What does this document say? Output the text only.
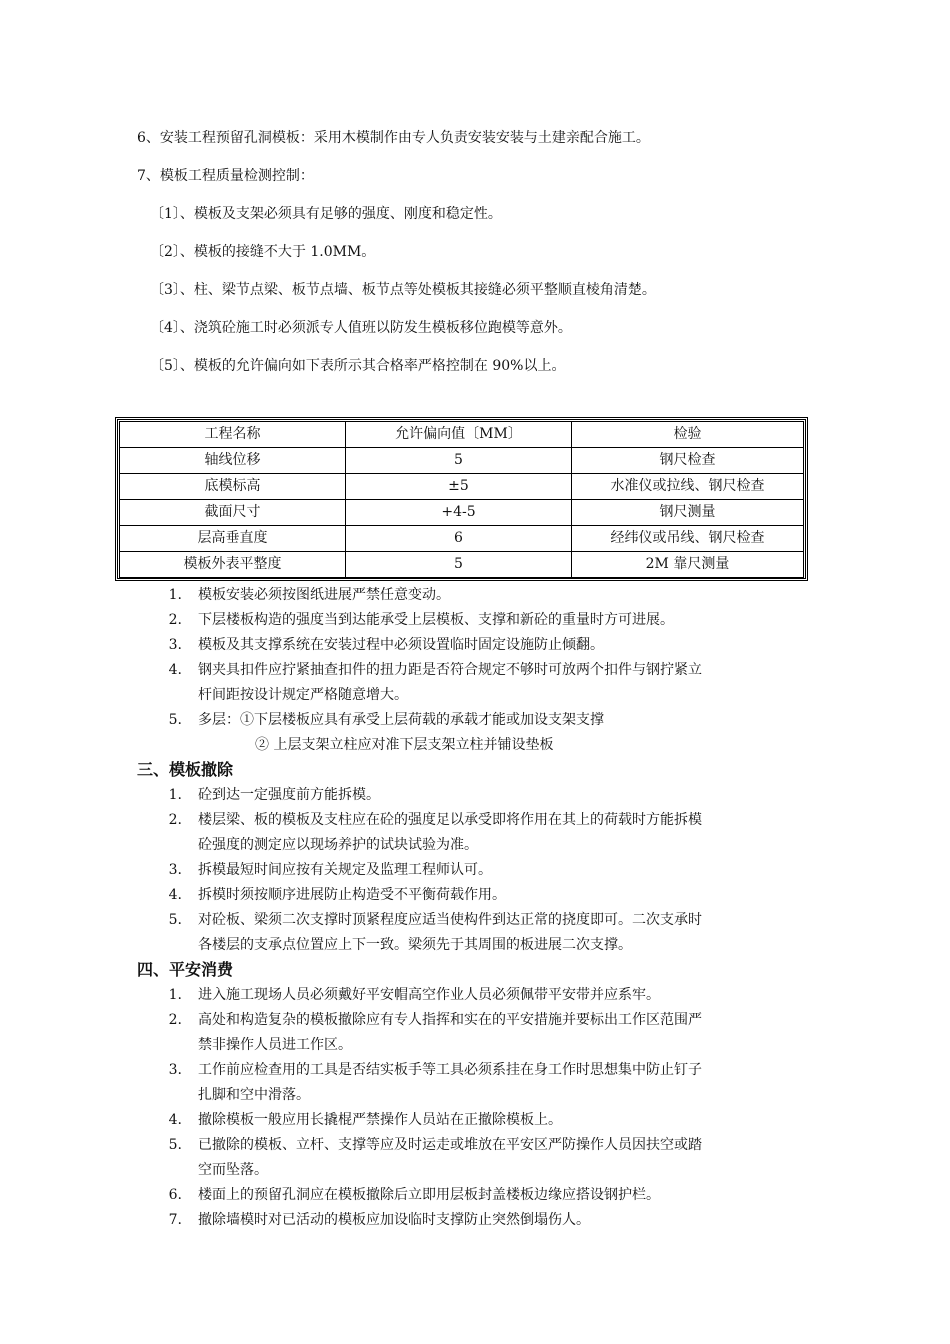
6、安装工程预留孔洞模板：采用木模制作由专人负责安装安装与土建亲配合施工。
7、模板工程质量检测控制：
〔1〕、模板及支架必须具有足够的强度、刚度和稳定性。
〔2〕、模板的接缝不大于 1.0MM。
〔3〕、柱、梁节点梁、板节点墙、板节点等处模板其接缝必须平整顺直棱角清楚。
〔4〕、浇筑砼施工时必须派专人值班以防发生模板移位跑模等意外。
〔5〕、模板的允许偏向如下表所示其合格率严格控制在 90%以上。
工程名称	允许偏向值〔MM〕	检验
轴线位移	5	钢尺检查
底模标高	±5	水准仪或拉线、钢尺检查
截面尺寸	+4-5	钢尺测量
层高垂直度	6	经纬仪或吊线、钢尺检查
模板外表平整度	5	2M 靠尺测量
1. 模板安装必须按图纸进展严禁任意变动。
2. 下层楼板构造的强度当到达能承受上层模板、支撑和新砼的重量时方可进展。
3. 模板及其支撑系统在安装过程中必须设置临时固定设施防止倾翻。
4. 钢夹具扣件应拧紧抽查扣件的扭力距是否符合规定不够时可放两个扣件与钢拧紧立
杆间距按设计规定严格随意增大。
5. 多层：①下层楼板应具有承受上层荷载的承载才能或加设支架支撑
② 上层支架立柱应对准下层支架立柱并铺设垫板
三、模板撤除
1. 砼到达一定强度前方能拆模。
2. 楼层梁、板的模板及支柱应在砼的强度足以承受即将作用在其上的荷载时方能拆模
砼强度的测定应以现场养护的试块试验为准。
3. 拆模最短时间应按有关规定及监理工程师认可。
4. 拆模时须按顺序进展防止构造受不平衡荷载作用。
5. 对砼板、梁须二次支撑时顶紧程度应适当使构件到达正常的挠度即可。二次支承时
各楼层的支承点位置应上下一致。梁须先于其周围的板进展二次支撑。
四、平安消费
1. 进入施工现场人员必须戴好平安帽高空作业人员必须佩带平安带并应系牢。
2. 高处和构造复杂的模板撤除应有专人指挥和实在的平安措施并要标出工作区范围严
禁非操作人员进工作区。
3. 工作前应检查用的工具是否结实板手等工具必须系挂在身工作时思想集中防止钉子
扎脚和空中滑落。
4. 撤除模板一般应用长撬棍严禁操作人员站在正撤除模板上。
5. 已撤除的模板、立杆、支撑等应及时运走或堆放在平安区严防操作人员因扶空或踏
空而坠落。
6. 楼面上的预留孔洞应在模板撤除后立即用层板封盖楼板边缘应搭设钢护栏。
7. 撤除墙模时对已活动的模板应加设临时支撑防止突然倒塌伤人。
